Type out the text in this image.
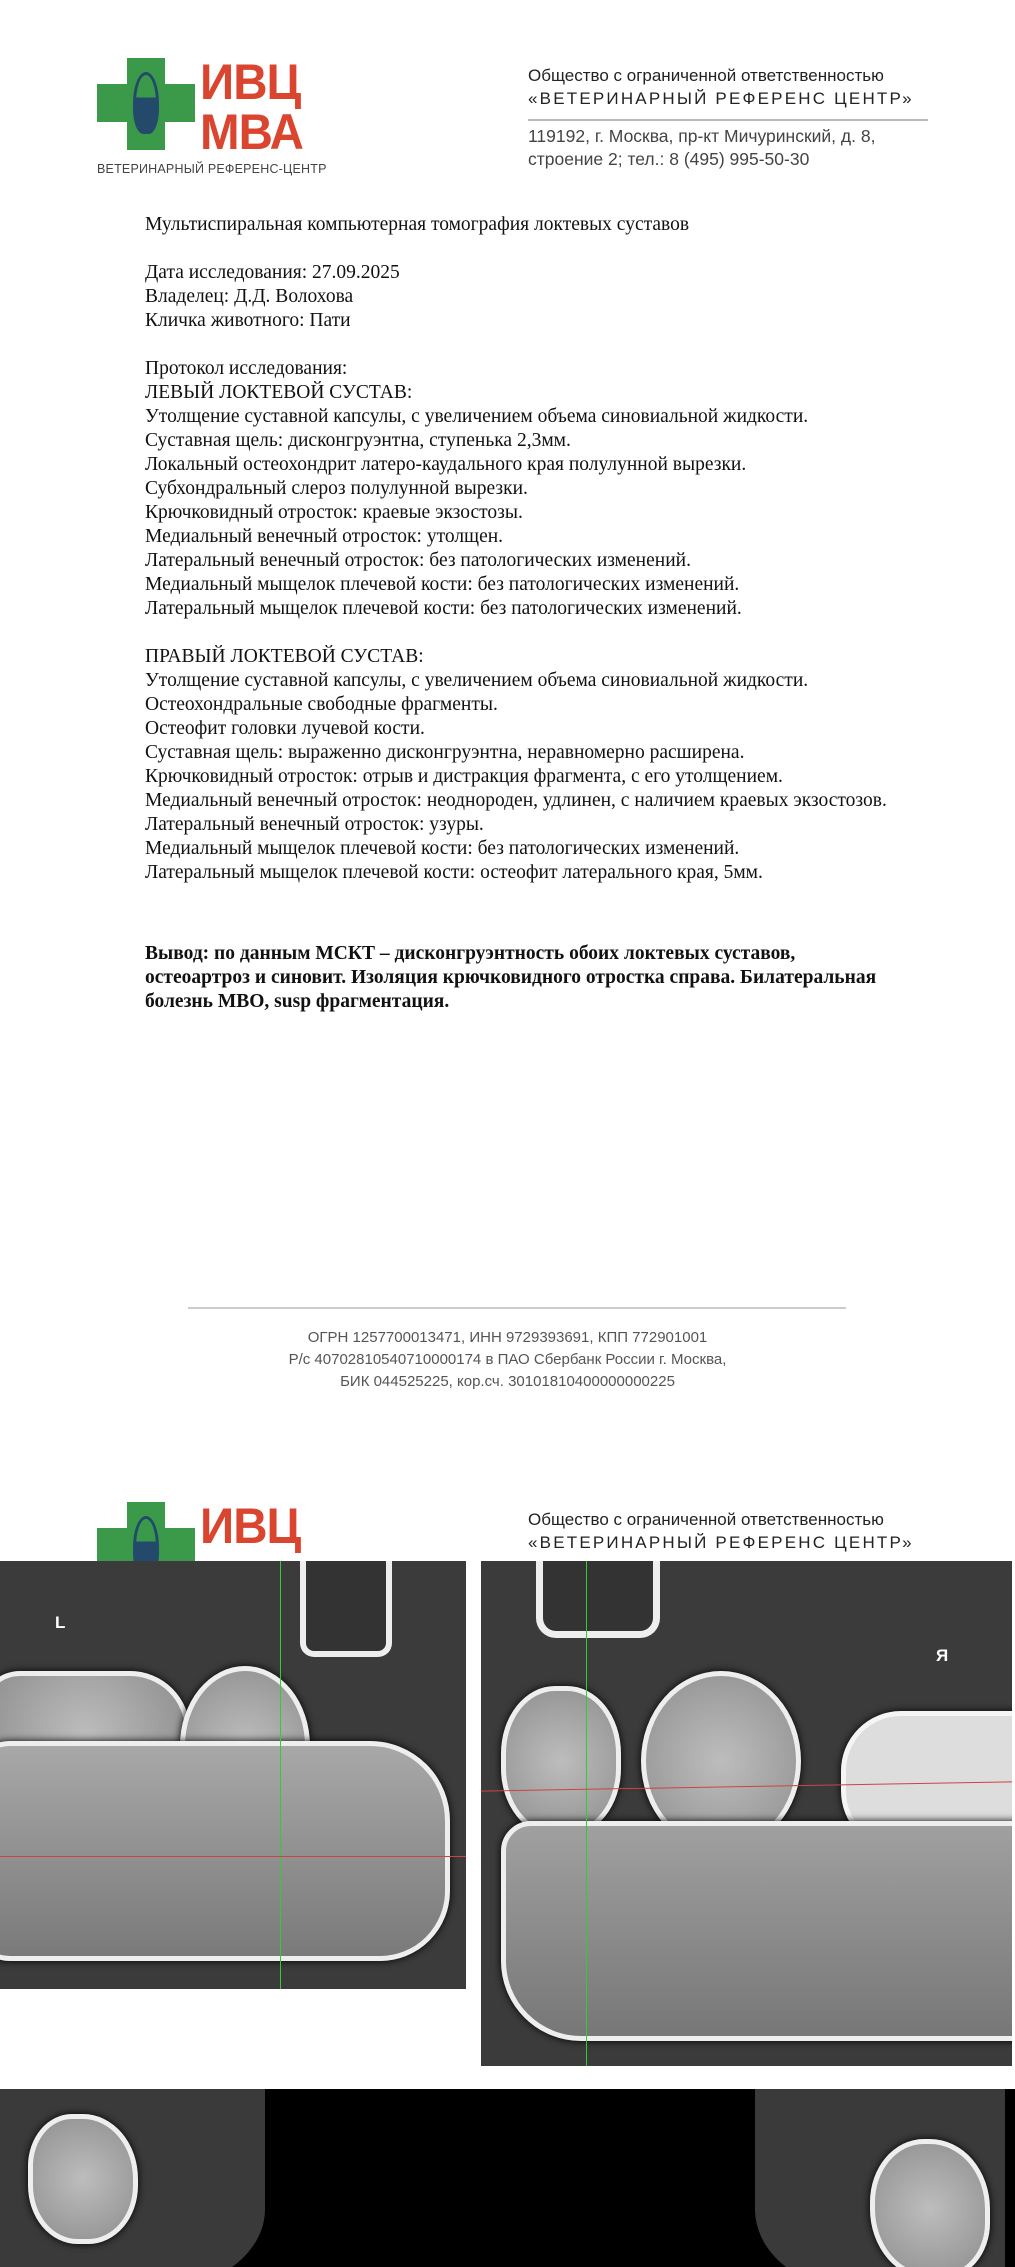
ИВЦ
МВА
ВЕТЕРИНАРНЫЙ РЕФЕРЕНС-ЦЕНТР
Общество с ограниченной ответственностью
«ВЕТЕРИНАРНЫЙ РЕФЕРЕНС ЦЕНТР»
119192, г. Москва, пр-кт Мичуринский, д. 8,
строение 2; тел.: 8 (495) 995-50-30
Мультиспиральная компьютерная томография локтевых суставов
Дата исследования: 27.09.2025
Владелец: Д.Д. Волохова
Кличка животного: Пати
Протокол исследования:
ЛЕВЫЙ ЛОКТЕВОЙ СУСТАВ:
Утолщение суставной капсулы, с увеличением объема синовиальной жидкости.
Суставная щель: дисконгруэнтна, ступенька 2,3мм.
Локальный остеохондрит латеро-каудального края полулунной вырезки.
Субхондральный слероз полулунной вырезки.
Крючковидный отросток: краевые экзостозы.
Медиальный венечный отросток: утолщен.
Латеральный венечный отросток: без патологических изменений.
Медиальный мыщелок плечевой кости: без патологических изменений.
Латеральный мыщелок плечевой кости: без патологических изменений.
ПРАВЫЙ ЛОКТЕВОЙ СУСТАВ:
Утолщение суставной капсулы, с увеличением объема синовиальной жидкости.
Остеохондральные свободные фрагменты.
Остеофит головки лучевой кости.
Суставная щель: выраженно дисконгруэнтна, неравномерно расширена.
Крючковидный отросток: отрыв и дистракция фрагмента, с его утолщением.
Медиальный венечный отросток: неоднороден, удлинен, с наличием краевых экзостозов.
Латеральный венечный отросток: узуры.
Медиальный мыщелок плечевой кости: без патологических изменений.
Латеральный мыщелок плечевой кости: остеофит латерального края, 5мм.
Вывод: по данным МСКТ – дисконгруэнтность обоих локтевых суставов,
остеоартроз и синовит. Изоляция крючковидного отростка справа. Билатеральная
болезнь МВО, susp фрагментация.
ОГРН 1257700013471, ИНН 9729393691, КПП 772901001
Р/с 40702810540710000174 в ПАО Сбербанк России г. Москва,
БИК 044525225, кор.сч. 30101810400000000225
ИВЦ	Общество с ограниченной ответственностью
«ВЕТЕРИНАРНЫЙ РЕФЕРЕНС ЦЕНТР»
L
Я
